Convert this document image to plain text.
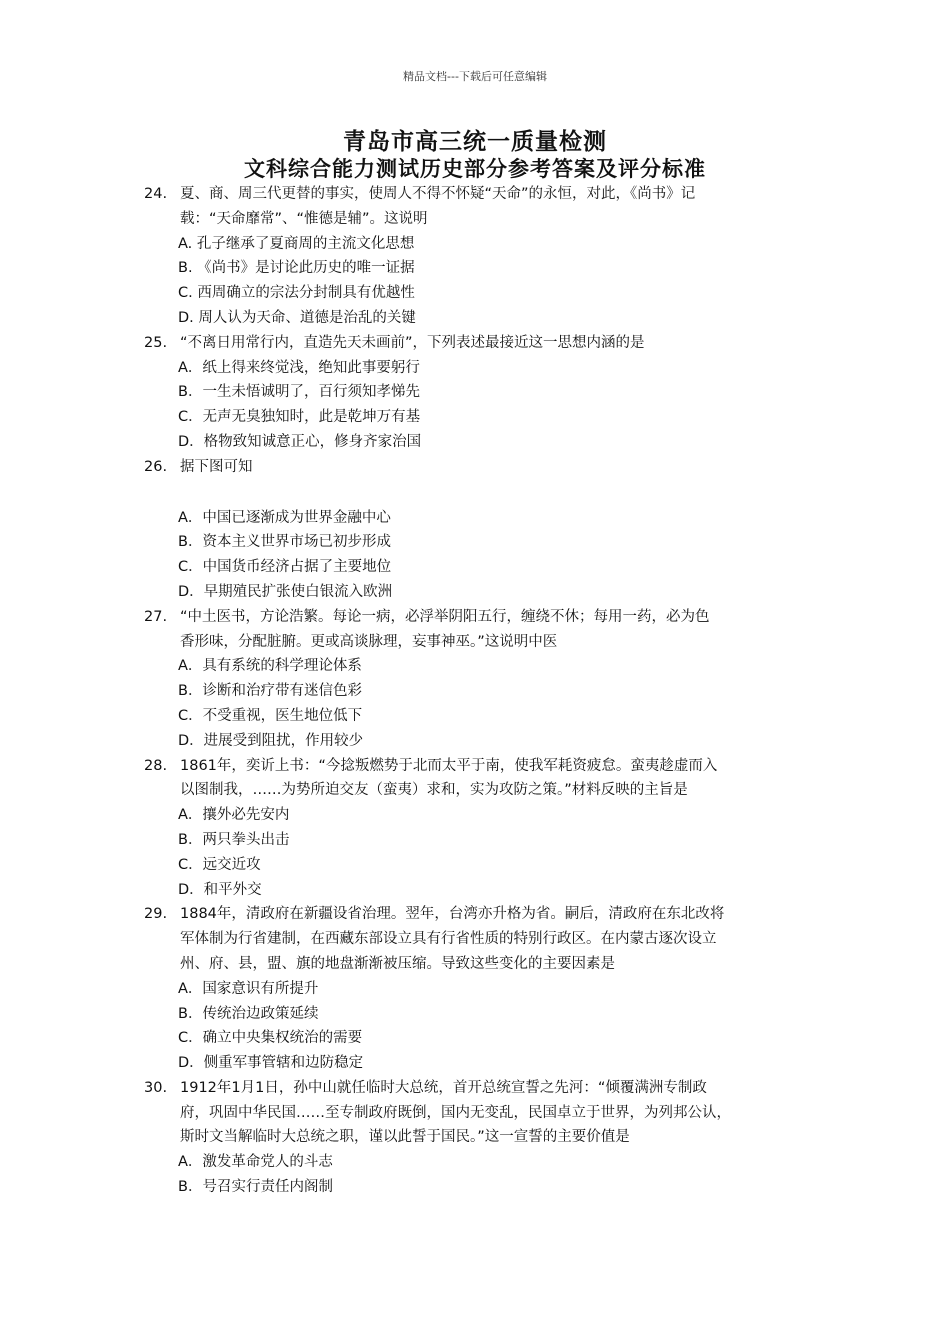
精品文档---下载后可任意编辑
青岛市高三统一质量检测
文科综合能力测试历史部分参考答案及评分标准
24. 夏、商、周三代更替的事实，使周人不得不怀疑“天命”的永恒，对此，《尚书》记
载：“天命靡常”、“惟德是辅”。这说明
A. 孔子继承了夏商周的主流文化思想
B. 《尚书》是讨论此历史的唯一证据
C. 西周确立的宗法分封制具有优越性
D. 周人认为天命、道德是治乱的关键
25. “不离日用常行内，直造先天未画前”，下列表述最接近这一思想内涵的是
A．纸上得来终觉浅，绝知此事要躬行
B．一生未悟诚明了，百行须知孝悌先
C．无声无臭独知时，此是乾坤万有基
D．格物致知诚意正心，修身齐家治国
26. 据下图可知
A．中国已逐渐成为世界金融中心
B．资本主义世界市场已初步形成
C．中国货币经济占据了主要地位
D．早期殖民扩张使白银流入欧洲
27. “中土医书，方论浩繁。每论一病，必浮举阴阳五行，缠绕不休；每用一药，必为色
香形味，分配脏腑。更或高谈脉理，妄事神巫。”这说明中医
A．具有系统的科学理论体系
B．诊断和治疗带有迷信色彩
C．不受重视，医生地位低下
D．进展受到阻扰，作用较少
28. 1861年，奕䜣上书：“今捻叛燃势于北而太平于南，使我军耗资疲怠。蛮夷趁虚而入
以图制我，……为势所迫交友（蛮夷）求和，实为攻防之策。”材料反映的主旨是
A．攘外必先安内
B．两只拳头出击
C．远交近攻
D．和平外交
29. 1884年，清政府在新疆设省治理。翌年，台湾亦升格为省。嗣后，清政府在东北改将
军体制为行省建制，在西藏东部设立具有行省性质的特别行政区。在内蒙古逐次设立
州、府、县，盟、旗的地盘渐渐被压缩。导致这些变化的主要因素是
A．国家意识有所提升
B．传统治边政策延续
C．确立中央集权统治的需要
D．侧重军事管辖和边防稳定
30. 1912年1月1日，孙中山就任临时大总统，首开总统宣誓之先河：“倾覆满洲专制政
府，巩固中华民国……至专制政府既倒，国内无变乱，民国卓立于世界，为列邦公认，
斯时文当解临时大总统之职，谨以此誓于国民。”这一宣誓的主要价值是
A．激发革命党人的斗志
B．号召实行责任内阁制
